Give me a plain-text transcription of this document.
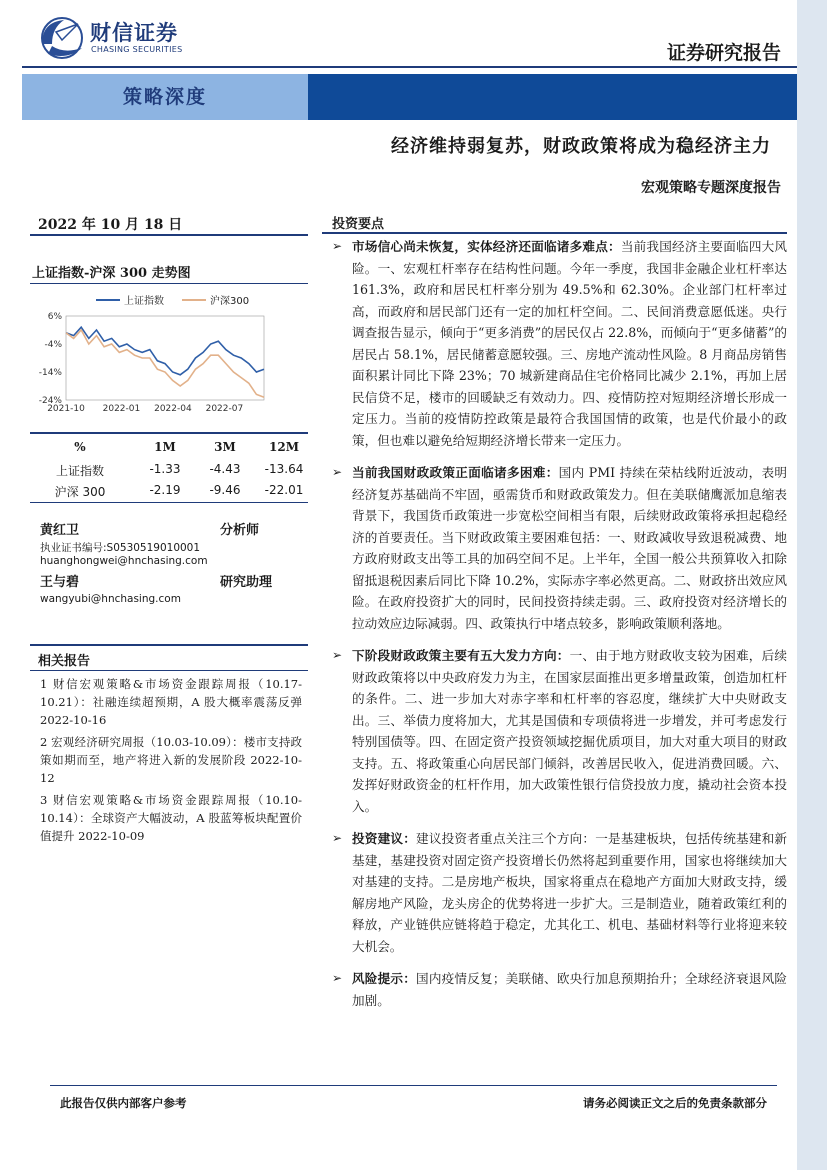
财信证券
CHASING SECURITIES	证券研究报告
策略深度
经济维持弱复苏，财政政策将成为稳经济主力
宏观策略专题深度报告
2022 年 10 月 18 日
上证指数-沪深 300 走势图
6%
-4%
-14%
-24%
2021-10 2022-01 2022-04 2022-07
上证指数	沪深300
%	1M	3M	12M
上证指数	-1.33	-4.43	-13.64
沪深 300	-2.19	-9.46	-22.01
黄红卫	分析师
执业证书编号:S0530519010001
huanghongwei@hnchasing.com
王与碧	研究助理
wangyubi@hnchasing.com
相关报告
1 财信宏观策略&市场资金跟踪周报（10.17-10.21）：社融连续超预期，A 股大概率震荡反弹 2022-10-16
2 宏观经济研究周报（10.03-10.09）：楼市支持政策如期而至，地产将进入新的发展阶段 2022-10-12
3 财信宏观策略&市场资金跟踪周报（10.10-10.14）：全球资产大幅波动，A 股蓝筹板块配置价值提升 2022-10-09
投资要点
➢ 市场信心尚未恢复，实体经济还面临诸多难点：当前我国经济主要面临四大风险。一、宏观杠杆率存在结构性问题。今年一季度，我国非金融企业杠杆率达 161.3%，政府和居民杠杆率分别为 49.5%和 62.30%。企业部门杠杆率过高，而政府和居民部门还有一定的加杠杆空间。二、民间消费意愿低迷。央行调查报告显示，倾向于“更多消费”的居民仅占 22.8%，而倾向于“更多储蓄”的居民占 58.1%，居民储蓄意愿较强。三、房地产流动性风险。8 月商品房销售面积累计同比下降 23%；70 城新建商品住宅价格同比减少 2.1%，再加上居民信贷不足，楼市的回暖缺乏有效动力。四、疫情防控对短期经济增长形成一定压力。当前的疫情防控政策是最符合我国国情的政策，也是代价最小的政策，但也难以避免给短期经济增长带来一定压力。
➢ 当前我国财政政策正面临诸多困难：国内 PMI 持续在荣枯线附近波动，表明经济复苏基础尚不牢固，亟需货币和财政政策发力。但在美联储鹰派加息缩表背景下，我国货币政策进一步宽松空间相当有限，后续财政政策将承担起稳经济的首要责任。当下财政政策主要困难包括：一、财政减收导致退税减费、地方政府财政支出等工具的加码空间不足。上半年，全国一般公共预算收入扣除留抵退税因素后同比下降 10.2%，实际赤字率必然更高。二、财政挤出效应风险。在政府投资扩大的同时，民间投资持续走弱。三、政府投资对经济增长的拉动效应边际减弱。四、政策执行中堵点较多，影响政策顺利落地。
➢ 下阶段财政政策主要有五大发力方向：一、由于地方财政收支较为困难，后续财政政策将以中央政府发力为主，在国家层面推出更多增量政策，创造加杠杆的条件。二、进一步加大对赤字率和杠杆率的容忍度，继续扩大中央财政支出。三、举债力度将加大，尤其是国债和专项债将进一步增发，并可考虑发行特别国债等。四、在固定资产投资领域挖掘优质项目，加大对重大项目的财政支持。五、将政策重心向居民部门倾斜，改善居民收入，促进消费回暖。六、发挥好财政资金的杠杆作用，加大政策性银行信贷投放力度，撬动社会资本投入。
➢ 投资建议：建议投资者重点关注三个方向：一是基建板块，包括传统基建和新基建，基建投资对固定资产投资增长仍然将起到重要作用，国家也将继续加大对基建的支持。二是房地产板块，国家将重点在稳地产方面加大财政支持，缓解房地产风险，龙头房企的优势将进一步扩大。三是制造业，随着政策红利的释放，产业链供应链将趋于稳定，尤其化工、机电、基础材料等行业将迎来较大机会。
➢ 风险提示：国内疫情反复；美联储、欧央行加息预期抬升；全球经济衰退风险加剧。
此报告仅供内部客户参考	请务必阅读正文之后的免责条款部分
